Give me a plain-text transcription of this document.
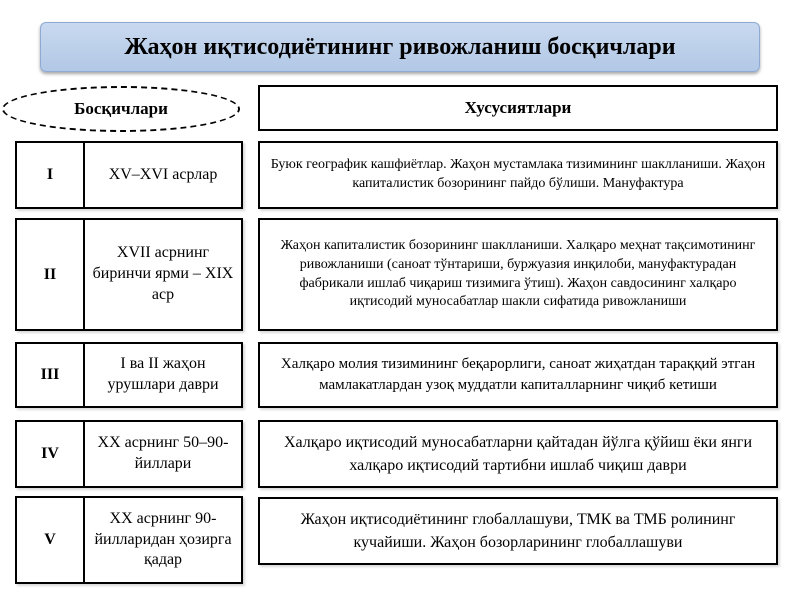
Жаҳон иқтисодиётининг ривожланиш босқичлари
Босқичлари	Хусусиятлари
I	XV–XVI асрлар
Буюк географик кашфиётлар. Жаҳон мустамлака тизимининг шаклланиши. Жаҳон капиталистик бозорининг пайдо бўлиши. Мануфактура
II
XVII асрнинг биринчи ярми – XIX аср
Жаҳон капиталистик бозорининг шаклланиши. Халқаро меҳнат тақсимотининг ривожланиши (саноат тўнтариши, буржуазия инқилоби, мануфактурадан фабрикали ишлаб чиқариш тизимига ўтиш). Жаҳон савдосининг халқаро иқтисодий муносабатлар шакли сифатида ривожланиши
III
I ва II жаҳон урушлари даври
Халқаро молия тизимининг беқарорлиги, саноат жиҳатдан тараққий этган мамлакатлардан узоқ муддатли капиталларнинг чиқиб кетиши
IV
XX асрнинг 50–90-йиллари
Халқаро иқтисодий муносабатларни қайтадан йўлга қўйиш ёки янги халқаро иқтисодий тартибни ишлаб чиқиш даври
V
XX асрнинг 90-йилларидан ҳозирга қадар
Жаҳон иқтисодиётининг глобаллашуви, ТМК ва ТМБ ролининг кучайиши. Жаҳон бозорларининг глобаллашуви
